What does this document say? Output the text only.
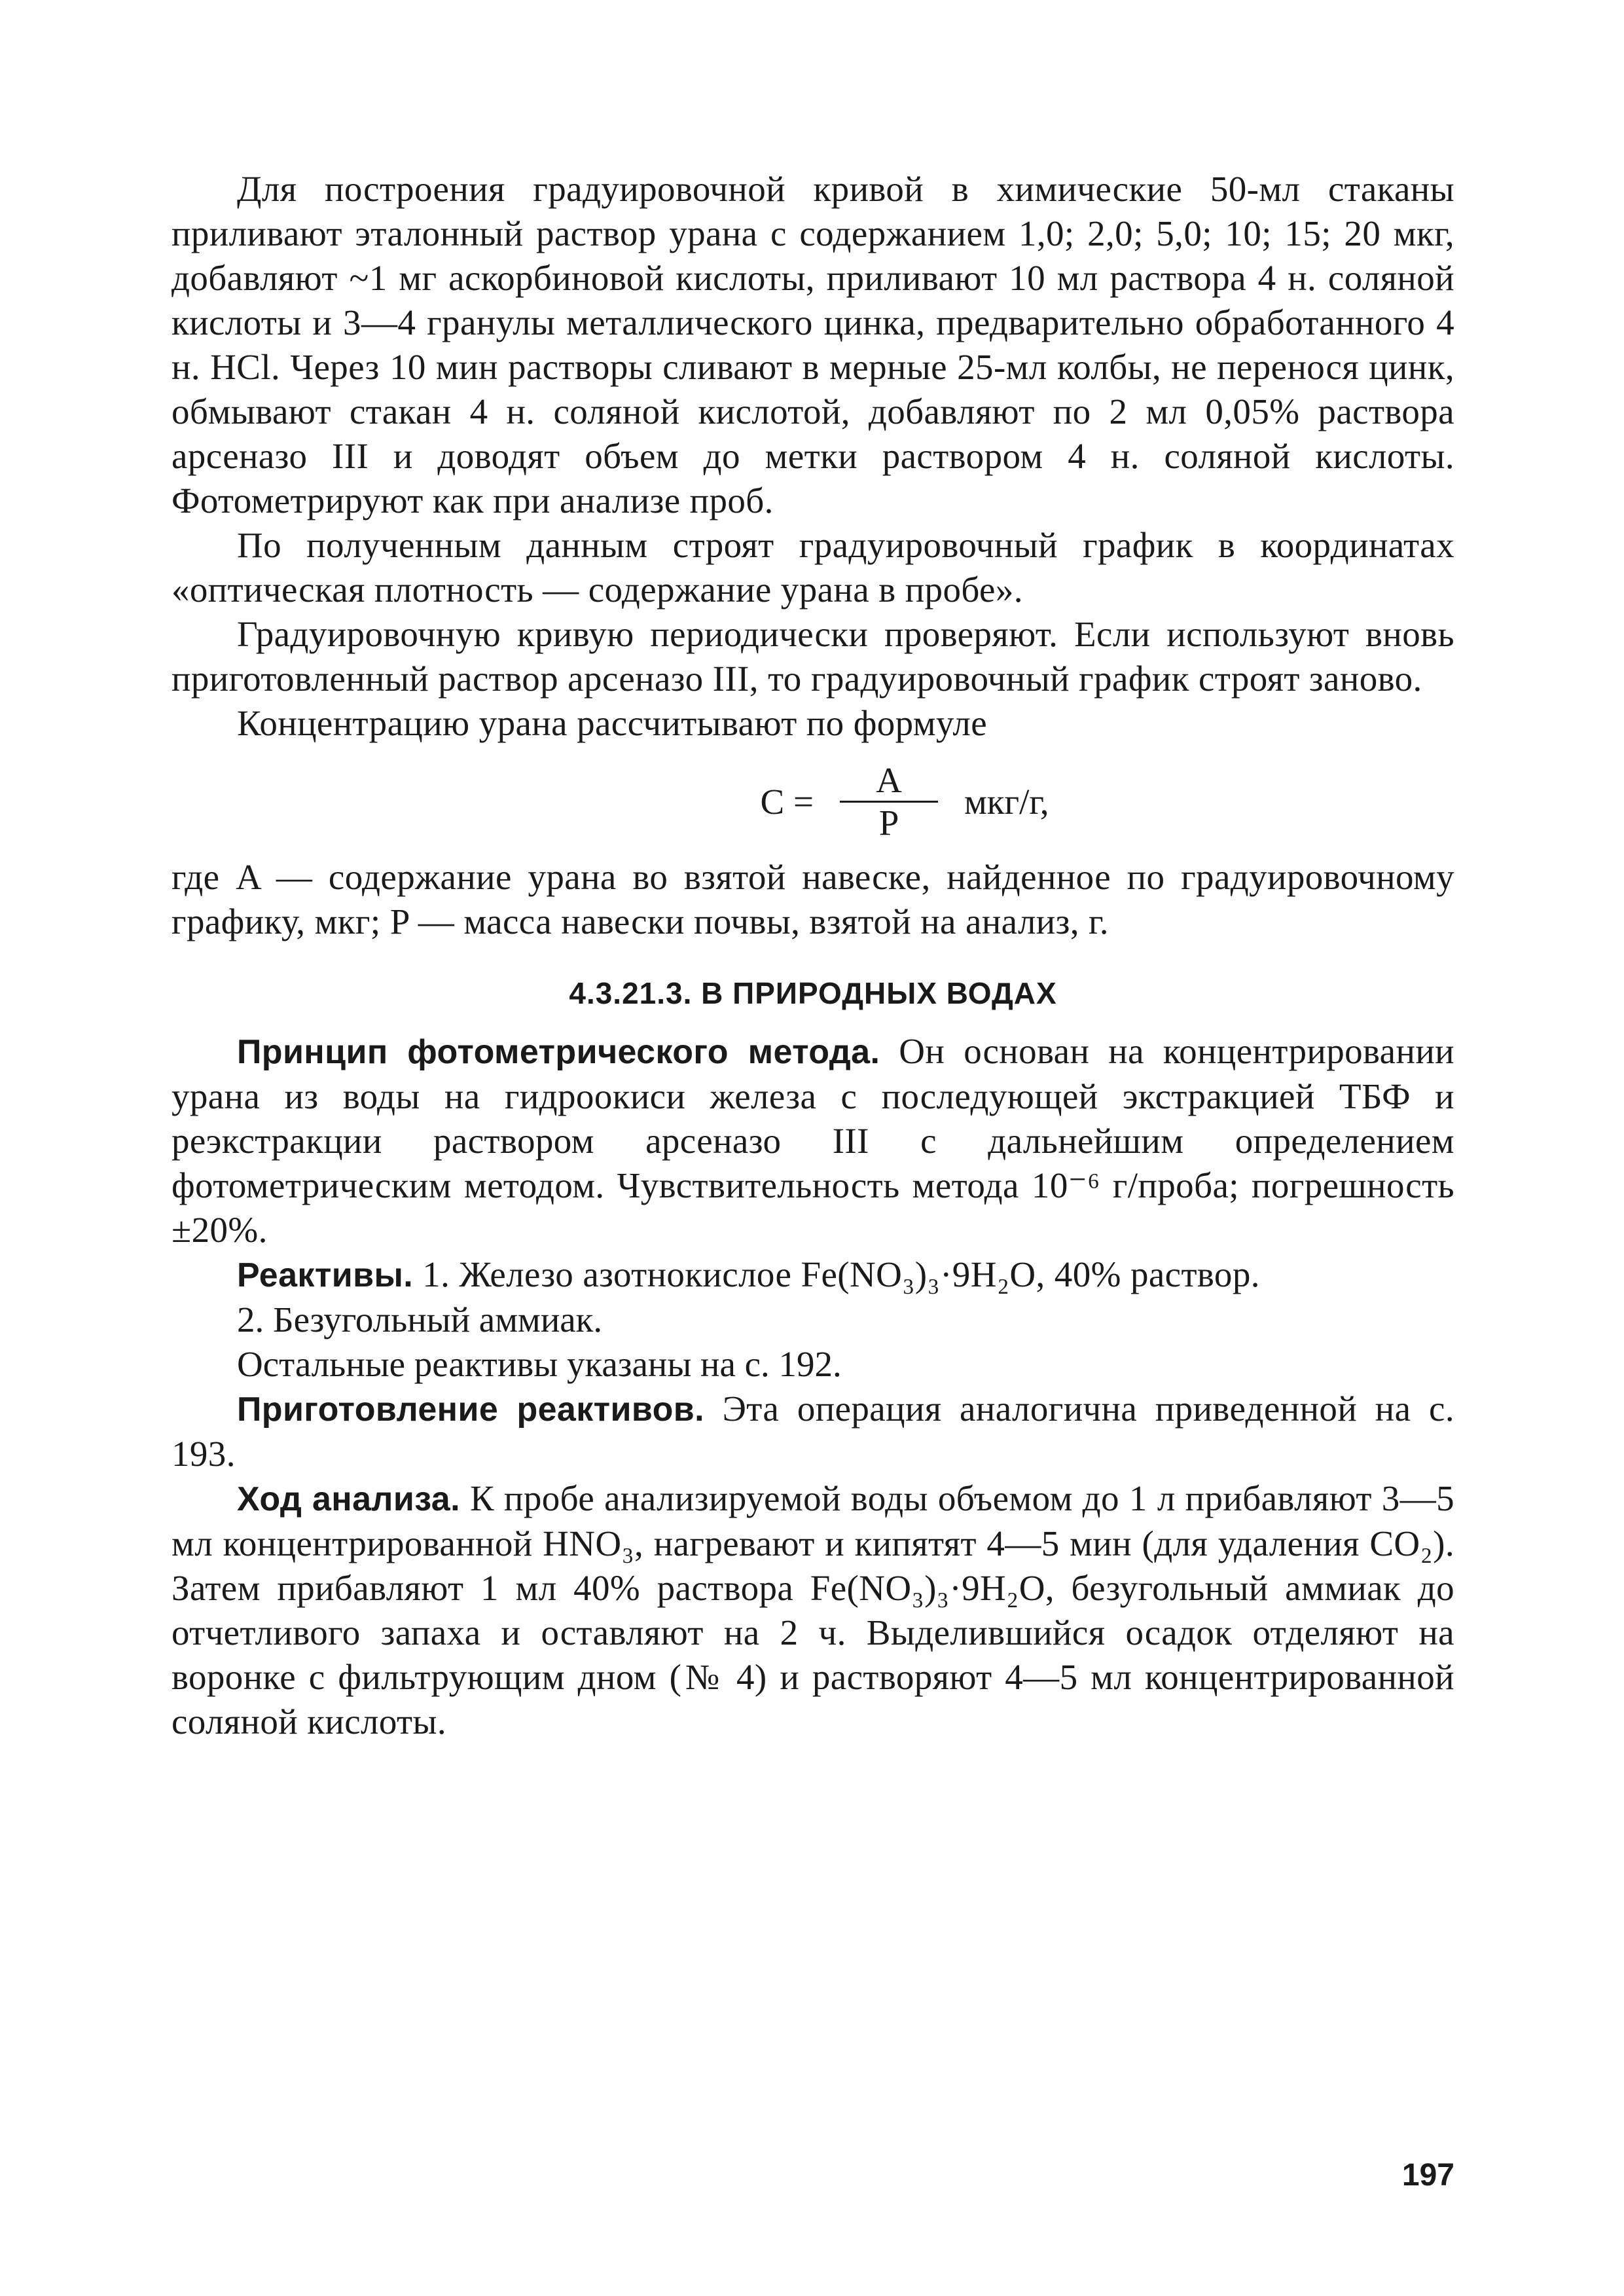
Для построения градуировочной кривой в химические 50-мл стаканы приливают эталонный раствор урана с содержанием 1,0; 2,0; 5,0; 10; 15; 20 мкг, добавляют ~1 мг аскорбиновой кислоты, приливают 10 мл раствора 4 н. соляной кислоты и 3—4 гранулы металлического цинка, предварительно обработанного 4 н. HCl. Через 10 мин растворы сливают в мерные 25-мл колбы, не перенося цинк, обмывают стакан 4 н. соляной кислотой, добавляют по 2 мл 0,05% раствора арсеназо III и доводят объем до метки раствором 4 н. соляной кислоты. Фотометрируют как при анализе проб.

По полученным данным строят градуировочный график в координатах «оптическая плотность — содержание урана в пробе».

Градуировочную кривую периодически проверяют. Если используют вновь приготовленный раствор арсеназо III, то градуировочный график строят заново.

Концентрацию урана рассчитывают по формуле

$C = \frac{A}{P} мкг/г$,

где A — содержание урана во взятой навеске, найденное по градуировочному графику, мкг; P — масса навески почвы, взятой на анализ, г.

4.3.21.3. В ПРИРОДНЫХ ВОДАХ

Принцип фотометрического метода. Он основан на концентрировании урана из воды на гидроокиси железа с последующей экстракцией ТБФ и реэкстракции раствором арсеназо III с дальнейшим определением фотометрическим методом. Чувствительность метода 10⁻⁶ г/проба; погрешность ±20%.

Реактивы. 1. Железо азотнокислое Fe(NO₃)₃·9H₂O, 40% раствор.

2. Безугольный аммиак.

Остальные реактивы указаны на с. 192.

Приготовление реактивов. Эта операция аналогична приведенной на с. 193.

Ход анализа. К пробе анализируемой воды объемом до 1 л прибавляют 3—5 мл концентрированной HNO₃, нагревают и кипятят 4—5 мин (для удаления CO₂). Затем прибавляют 1 мл 40% раствора Fe(NO₃)₃·9H₂O, безугольный аммиак до отчетливого запаха и оставляют на 2 ч. Выделившийся осадок отделяют на воронке с фильтрующим дном (№ 4) и растворяют 4—5 мл концентрированной соляной кислоты.

197
